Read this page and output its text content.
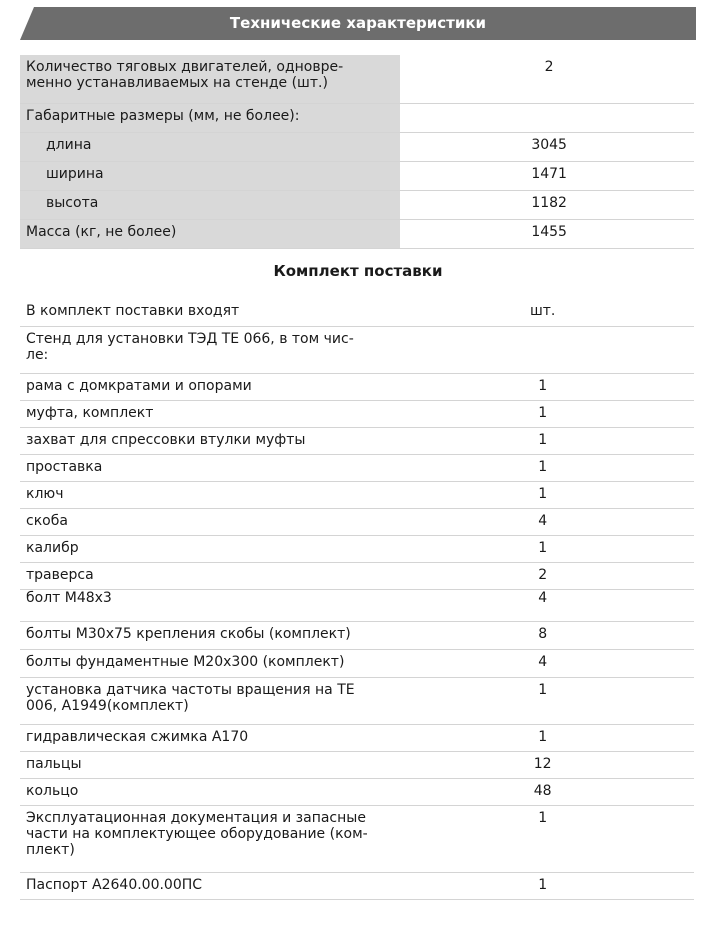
Технические характеристики
Количество тяговых двигателей, одновре-
менно устанавливаемых на стенде (шт.)	2
Габаритные размеры (мм, не более):	
длина	3045
ширина	1471
высота	1182
Масса (кг, не более)	1455
Комплект поставки
В комплект поставки входят	шт.
Стенд для установки ТЭД ТЕ 066, в том чис-
ле:	
рама с домкратами и опорами	1
муфта, комплект	1
захват для спрессовки втулки муфты	1
проставка	1
ключ	1
скоба	4
калибр	1
траверса	2
болт М48х3	4
болты М30х75 крепления скобы (комплект)	8
болты фундаментные М20х300 (комплект)	4
установка датчика частоты вращения на ТЕ
006, А1949(комплект)	1
гидравлическая сжимка А170	1
пальцы	12
кольцо	48
Эксплуатационная документация и запасные
части на комплектующее оборудование (ком-
плект)	1
Паспорт А2640.00.00ПС	1
